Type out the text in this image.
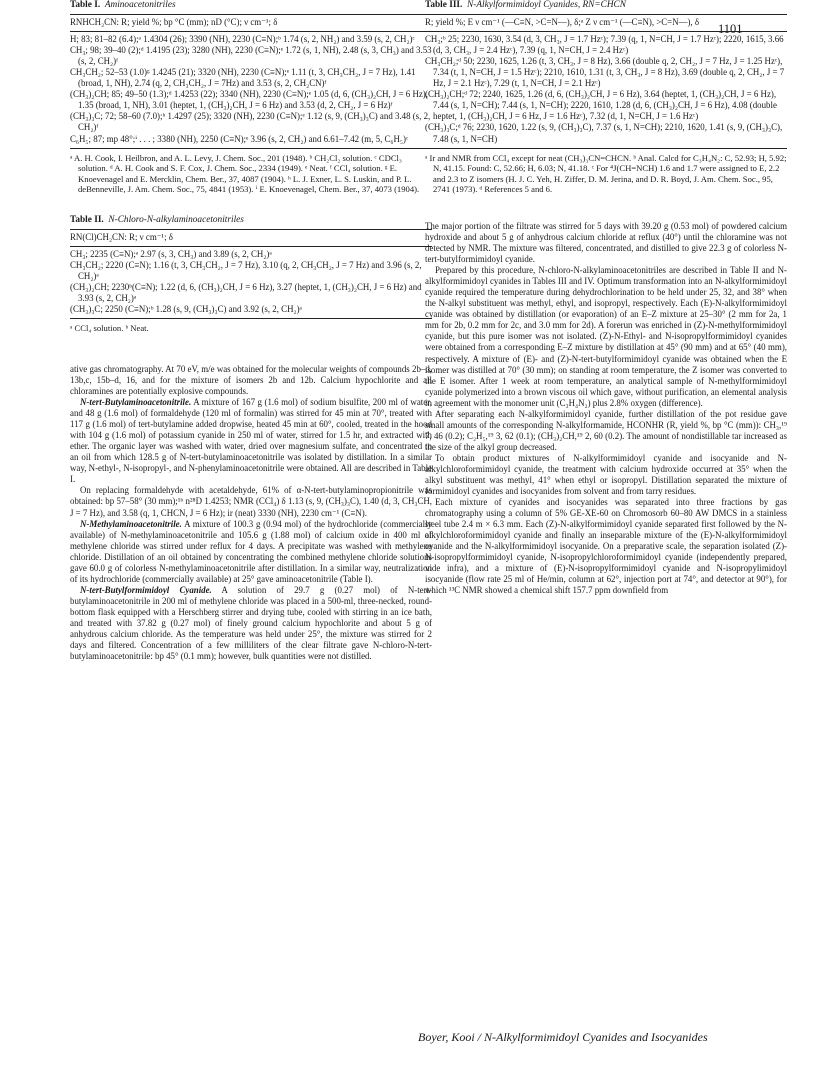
1101

Table I. Aminoacetonitriles

RNHCH₂CN: R; yield %; bp °C (mm); nD (°C); ν cm⁻¹; δ

H; 83; 81–82 (6.4);ᵃ 1.4304 (26); 3390 (NH), 2230 (C≡N);ᵇ 1.74 (s, 2, NH₂) and 3.59 (s, 2, CH₂)ᶜ

CH₃; 98; 39–40 (2);ᵈ 1.4195 (23); 3280 (NH), 2230 (C≡N);ᵉ 1.72 (s, 1, NH), 2.48 (s, 3, CH₃) and 3.53 (s, 2, CH₂)ᶠ

CH₃CH₂; 52–53 (1.0)ᵍ 1.4245 (21); 3320 (NH), 2230 (C≡N);ᵉ 1.11 (t, 3, CH₃CH₂, J = 7 Hz), 1.41 (broad, 1, NH), 2.74 (q, 2, CH₃CH₂, J = 7Hz) and 3.53 (s, 2, CH₂CN)ᶠ

(CH₃)₂CH; 85; 49–50 (1.3);ᵈ 1.4253 (22); 3340 (NH), 2230 (C≡N);ᵉ 1.05 (d, 6, (CH₃)₂CH, J = 6 Hz), 1.35 (broad, 1, NH), 3.01 (heptet, 1, (CH₃)₂CH, J = 6 Hz) and 3.53 (d, 2, CH₂, J = 6 Hz)ᶠ

(CH₃)₃C; 72; 58–60 (7.0);ʰ 1.4297 (25); 3320 (NH), 2230 (C≡N);ᵉ 1.12 (s, 9, (CH₃)₃C) and 3.48 (s, 2, CH₂)ᶠ

C₆H₅; 87; mp 48°;ⁱ . . . ; 3380 (NH), 2250 (C≡N);ᵉ 3.96 (s, 2, CH₂) and 6.61–7.42 (m, 5, C₆H₅)ᶜ

ᵃ A. H. Cook, I. Heilbron, and A. L. Levy, J. Chem. Soc., 201 (1948). ᵇ CH₂Cl₂ solution. ᶜ CDCl₃ solution. ᵈ A. H. Cook and S. F. Cox, J. Chem. Soc., 2334 (1949). ᵉ Neat. ᶠ CCl₄ solution. ᵍ E. Knoevenagel and E. Mercklin, Chem. Ber., 37, 4087 (1904). ʰ L. J. Exner, L. S. Luskin, and P. L. deBenneville, J. Am. Chem. Soc., 75, 4841 (1953). ⁱ E. Knoevenagel, Chem. Ber., 37, 4073 (1904).

Table II. N-Chloro-N-alkylaminoacetonitriles

RN(Cl)CH₂CN: R; ν cm⁻¹; δ

CH₃; 2235 (C≡N);ᵃ 2.97 (s, 3, CH₃) and 3.89 (s, 2, CH₂)ᵃ

CH₃CH₂; 2220 (C≡N); 1.16 (t, 3, CH₃CH₂, J = 7 Hz), 3.10 (q, 2, CH₃CH₂, J = 7 Hz) and 3.96 (s, 2, CH₂)ᵃ

(CH₃)₂CH; 2230ᵇ(C≡N); 1.22 (d, 6, (CH₃)₂CH, J = 6 Hz), 3.27 (heptet, 1, (CH₃)₂CH, J = 6 Hz) and 3.93 (s, 2, CH₂)ᵃ

(CH₃)₃C; 2250 (C≡N);ᵇ 1.28 (s, 9, (CH₃)₃C) and 3.92 (s, 2, CH₂)ᵃ

ᵃ CCl₄ solution. ᵇ Neat.

ative gas chromatography. At 70 eV, m/e was obtained for the molecular weights of compounds 2b–d, 13b,c, 15b–d, 16, and for the mixture of isomers 2b and 12b. Calcium hypochlorite and all chloramines are potentially explosive compounds.

N-tert-Butylaminoacetonitrile. A mixture of 167 g (1.6 mol) of sodium bisulfite, 200 ml of water, and 48 g (1.6 mol) of formaldehyde (120 ml of formalin) was stirred for 45 min at 70°, treated with 117 g (1.6 mol) of tert-butylamine added dropwise, heated 45 min at 60°, cooled, treated in the hood with 104 g (1.6 mol) of potassium cyanide in 250 ml of water, stirred for 1.5 hr, and extracted with ether. The organic layer was washed with water, dried over magnesium sulfate, and concentrated to an oil from which 128.5 g of N-tert-butylaminoacetonitrile was isolated by distillation. In a similar way, N-ethyl-, N-isopropyl-, and N-phenylaminoacetonitrile were obtained. All are described in Table I.

On replacing formaldehyde with acetaldehyde, 61% of α-N-tert-butylaminopropionitrile was obtained: bp 57–58° (30 mm);¹ᵇ n²⁸D 1.4253; NMR (CCl₄) δ 1.13 (s, 9, (CH₃)₃C), 1.40 (d, 3, CH₃CH, J = 7 Hz), and 3.58 (q, 1, CHCN, J = 6 Hz); ir (neat) 3330 (NH), 2230 cm⁻¹ (C≡N).

N-Methylaminoacetonitrile. A mixture of 100.3 g (0.94 mol) of the hydrochloride (commercially available) of N-methylaminoacetonitrile and 105.6 g (1.88 mol) of calcium oxide in 400 ml of methylene chloride was stirred under reflux for 4 days. A precipitate was washed with methylene chloride. Distillation of an oil obtained by concentrating the combined methylene chloride solutions gave 60.0 g of colorless N-methylaminoacetonitrile after distillation. In a similar way, neutralization of its hydrochloride (commercially available) at 25° gave aminoacetonitrile (Table I).

N-tert-Butylformimidoyl Cyanide. A solution of 29.7 g (0.27 mol) of N-tert-butylaminoacetonitrile in 200 ml of methylene chloride was placed in a 500-ml, three-necked, round-bottom flask equipped with a Herschberg stirrer and drying tube, cooled with stirring in an ice bath, and treated with 37.82 g (0.27 mol) of finely ground calcium hypochlorite and about 5 g of anhydrous calcium chloride. As the temperature was held under 25°, the mixture was stirred for 2 days and filtered. Concentration of a few milliliters of the clear filtrate gave N-chloro-N-tert-butylaminoacetonitrile: bp 45° (0.1 mm); however, bulk quantities were not distilled.

Table III. N-Alkylformimidoyl Cyanides, RN=CHCN

R; yield %; E ν cm⁻¹ (—C≡N, >C=N—), δ;ᵃ Z ν cm⁻¹ (—C≡N), >C=N—), δ

CH₃;ᵇ 25; 2230, 1630, 3.54 (d, 3, CH₃, J = 1.7 Hzᶜ); 7.39 (q, 1, N=CH, J = 1.7 Hzᶜ); 2220, 1615, 3.66 (d, 3, CH₃, J = 2.4 Hzᶜ), 7.39 (q, 1, N=CH, J = 2.4 Hzᶜ)

CH₃CH₂;ᵈ 50; 2230, 1625, 1.26 (t, 3, CH₃, J = 8 Hz), 3.66 (double q, 2, CH₂, J = 7 Hz, J = 1.25 Hzᶜ), 7.34 (t, 1, N=CH, J = 1.5 Hzᶜ); 2210, 1610, 1.31 (t, 3, CH₃, J = 8 Hz), 3.69 (double q, 2, CH₂, J = 7 Hz, J = 2.1 Hzᶜ), 7.29 (t, 1, N=CH, J = 2.1 Hzᶜ)

(CH₃)₂CH;ᵈ 72; 2240, 1625, 1.26 (d, 6, (CH₃)₂CH, J = 6 Hz), 3.64 (heptet, 1, (CH₃)₂CH, J = 6 Hz), 7.44 (s, 1, N=CH); 7.44 (s, 1, N=CH); 2220, 1610, 1.28 (d, 6, (CH₃)₂CH, J = 6 Hz), 4.08 (double heptet, 1, (CH₃)₂CH, J = 6 Hz, J = 1.6 Hzᶜ), 7.32 (d, 1, N=CH, J = 1.6 Hzᶜ)

(CH₃)₃C;ᵈ 76; 2230, 1620, 1.22 (s, 9, (CH₃)₃C), 7.37 (s, 1, N=CH); 2210, 1620, 1.41 (s, 9, (CH₃)₃C), 7.48 (s, 1, N=CH)

ᵃ Ir and NMR from CCl₄ except for neat (CH₃)₃CN=CHCN. ᵇ Anal. Calcd for C₃H₄N₂: C, 52.93; H, 5.92; N, 41.15. Found: C, 52.66; H, 6.03; N, 41.18. ᶜ For ⁴J(CH=NCH) 1.6 and 1.7 were assigned to E, 2.2 and 2.3 to Z isomers (H. J. C. Yeh, H. Ziffer, D. M. Jerina, and D. R. Boyd, J. Am. Chem. Soc., 95, 2741 (1973). ᵈ References 5 and 6.

The major portion of the filtrate was stirred for 5 days with 39.20 g (0.53 mol) of powdered calcium hydroxide and about 5 g of anhydrous calcium chloride at reflux (40°) until the chloramine was not detected by NMR. The mixture was filtered, concentrated, and distilled to give 22.3 g of colorless N-tert-butylformimidoyl cyanide.

Prepared by this procedure, N-chloro-N-alkylaminoacetonitriles are described in Table II and N-alkylformimidoyl cyanides in Tables III and IV. Optimum transformation into an N-alkylformimidoyl cyanide required the temperature during dehydrochlorination to be held under 25, 32, and 38° when the N-alkyl substituent was methyl, ethyl, and isopropyl, respectively. Each (E)-N-alkylformimidoyl cyanide was obtained by distillation (or evaporation) of an E–Z mixture at 25–30° (2 mm for 2a, 1 mm for 2b, 0.2 mm for 2c, and 3.0 mm for 2d). A forerun was enriched in (Z)-N-methylformimidoyl cyanide, but this pure isomer was not isolated. (Z)-N-Ethyl- and N-isopropylformimidoyl cyanides were obtained from a corresponding E–Z mixture by distillation at 45° (90 mm) and at 65° (40 mm), respectively. A mixture of (E)- and (Z)-N-tert-butylformimidoyl cyanide was obtained when the E isomer was distilled at 70° (30 mm); on standing at room temperature, the Z isomer was converted to the E isomer. After 1 week at room temperature, an analytical sample of N-methylformimidoyl cyanide polymerized into a brown viscous oil which gave, without purification, an elemental analysis in agreement with the monomer unit (C₃H₄N₂) plus 2.8% oxygen (difference).

After separating each N-alkylformimidoyl cyanide, further distillation of the pot residue gave small amounts of the corresponding N-alkylformamide, HCONHR (R, yield %, bp °C (mm)): CH₃,¹⁹ 7, 46 (0.2); C₂H₅,¹⁹ 3, 62 (0.1); (CH₃)₂CH,¹⁹ 2, 60 (0.2). The amount of nondistillable tar increased as the size of the alkyl group decreased.

To obtain product mixtures of N-alkylformimidoyl cyanide and isocyanide and N-alkylchloroformimidoyl cyanide, the treatment with calcium hydroxide occurred at 35° when the alkyl substituent was methyl, 41° when ethyl or isopropyl. Distillation separated the mixture of formimidoyl cyanides and isocyanides from solvent and from tarry residues.

Each mixture of cyanides and isocyanides was separated into three fractions by gas chromatography using a column of 5% GE-XE-60 on Chromosorb 60–80 AW DMCS in a stainless steel tube 2.4 m × 6.3 mm. Each (Z)-N-alkylformimidoyl cyanide separated first followed by the N-alkylchloroformimidoyl cyanide and finally an inseparable mixture of the (E)-N-alkylformimidoyl cyanide and the N-alkylformimidoyl isocyanide. On a preparative scale, the separation isolated (Z)-N-isopropylformimidoyl cyanide, N-isopropylchloroformimidoyl cyanide (independently prepared, vide infra), and a mixture of (E)-N-isopropylformimidoyl cyanide and N-isopropylimidoyl isocyanide (flow rate 25 ml of He/min, column at 62°, injection port at 74°, and detector at 90°), for which ¹³C NMR showed a chemical shift 157.7 ppm downfield from

Boyer, Kooi / N-Alkylformimidoyl Cyanides and Isocyanides
